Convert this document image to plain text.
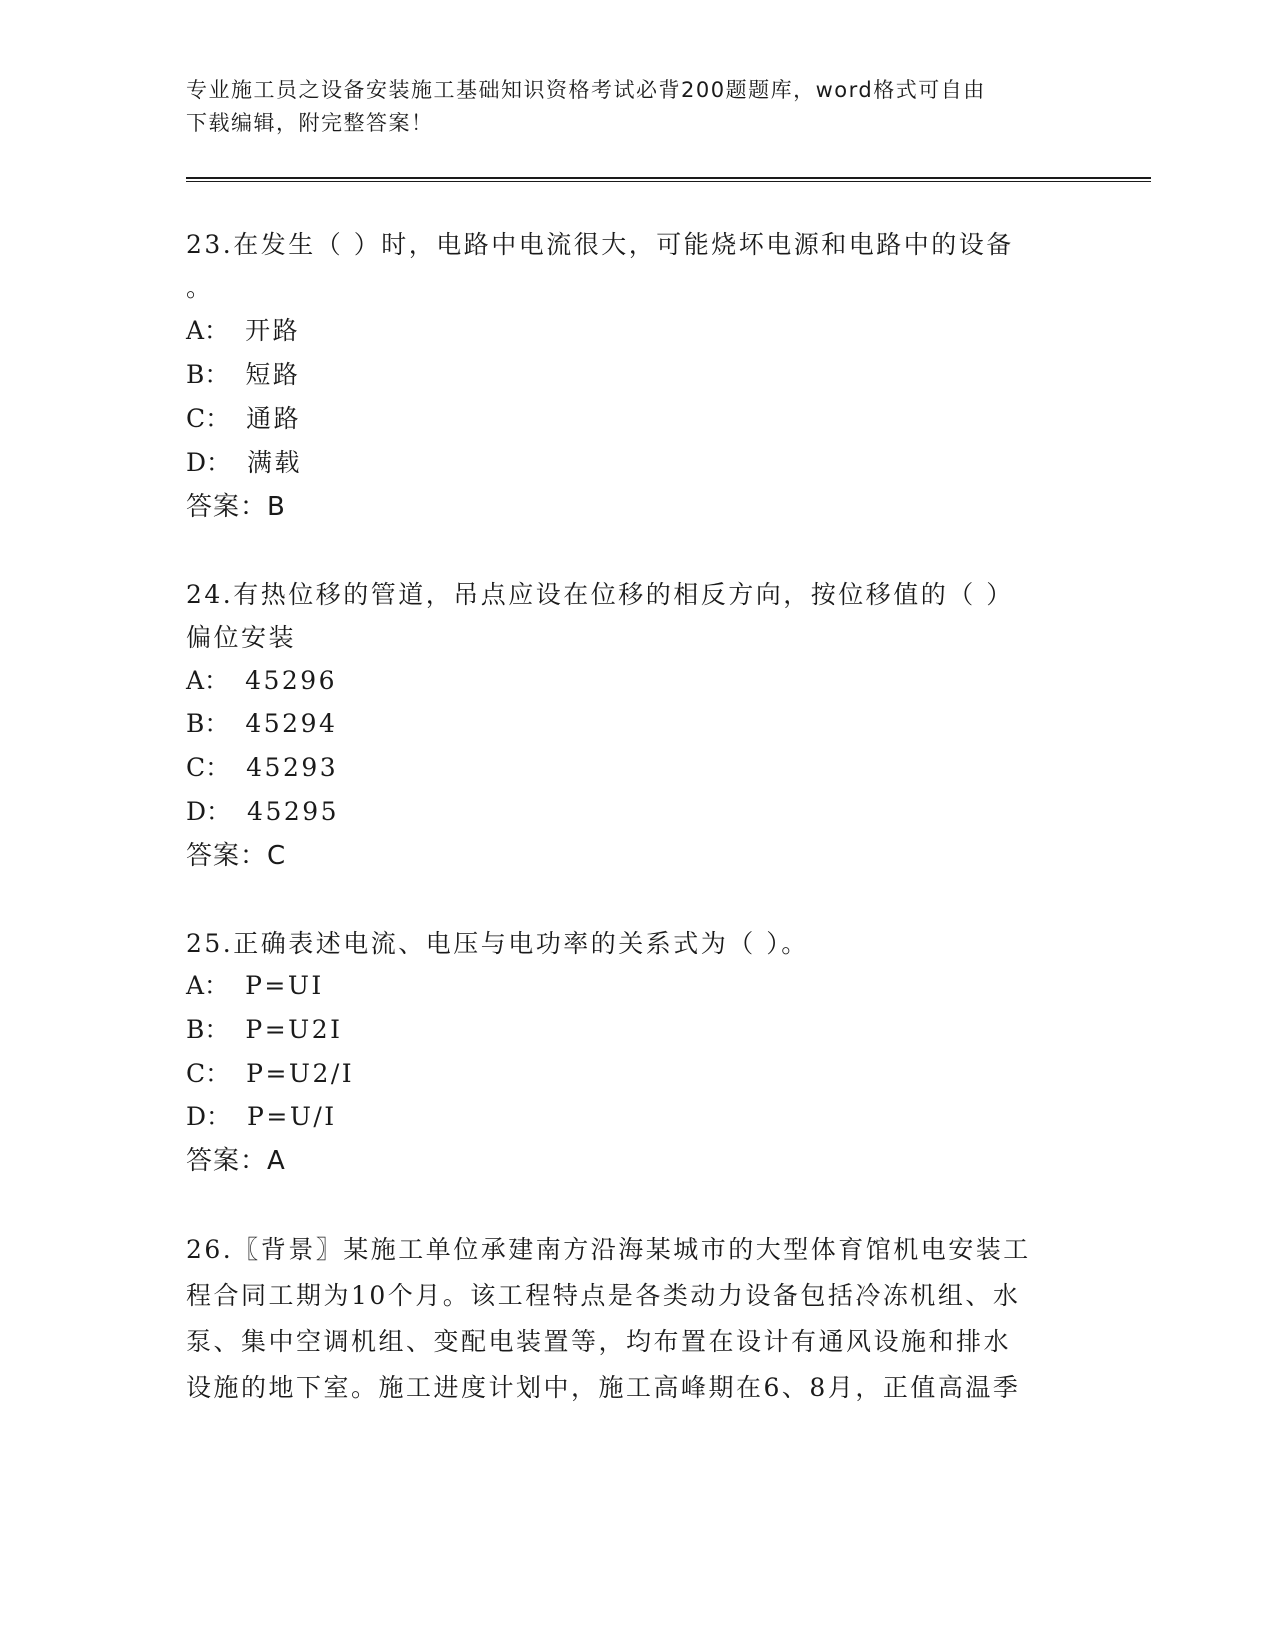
专业施工员之设备安装施工基础知识资格考试必背200题题库，word格式可自由
下载编辑，附完整答案！
23.在发生（ ）时，电路中电流很大，可能烧坏电源和电路中的设备
。
A： 开路
B： 短路
C： 通路
D： 满载
答案：B
24.有热位移的管道，吊点应设在位移的相反方向，按位移值的（ ）
偏位安装
A： 45296
B： 45294
C： 45293
D： 45295
答案：C
25.正确表述电流、电压与电功率的关系式为（ ）。
A： P=UI
B： P=U2I
C： P=U2/I
D： P=U/I
答案：A
26.〖背景〗某施工单位承建南方沿海某城市的大型体育馆机电安装工
程合同工期为10个月。该工程特点是各类动力设备包括冷冻机组、水
泵、集中空调机组、变配电装置等，均布置在设计有通风设施和排水
设施的地下室。施工进度计划中，施工高峰期在6、8月，正值高温季
